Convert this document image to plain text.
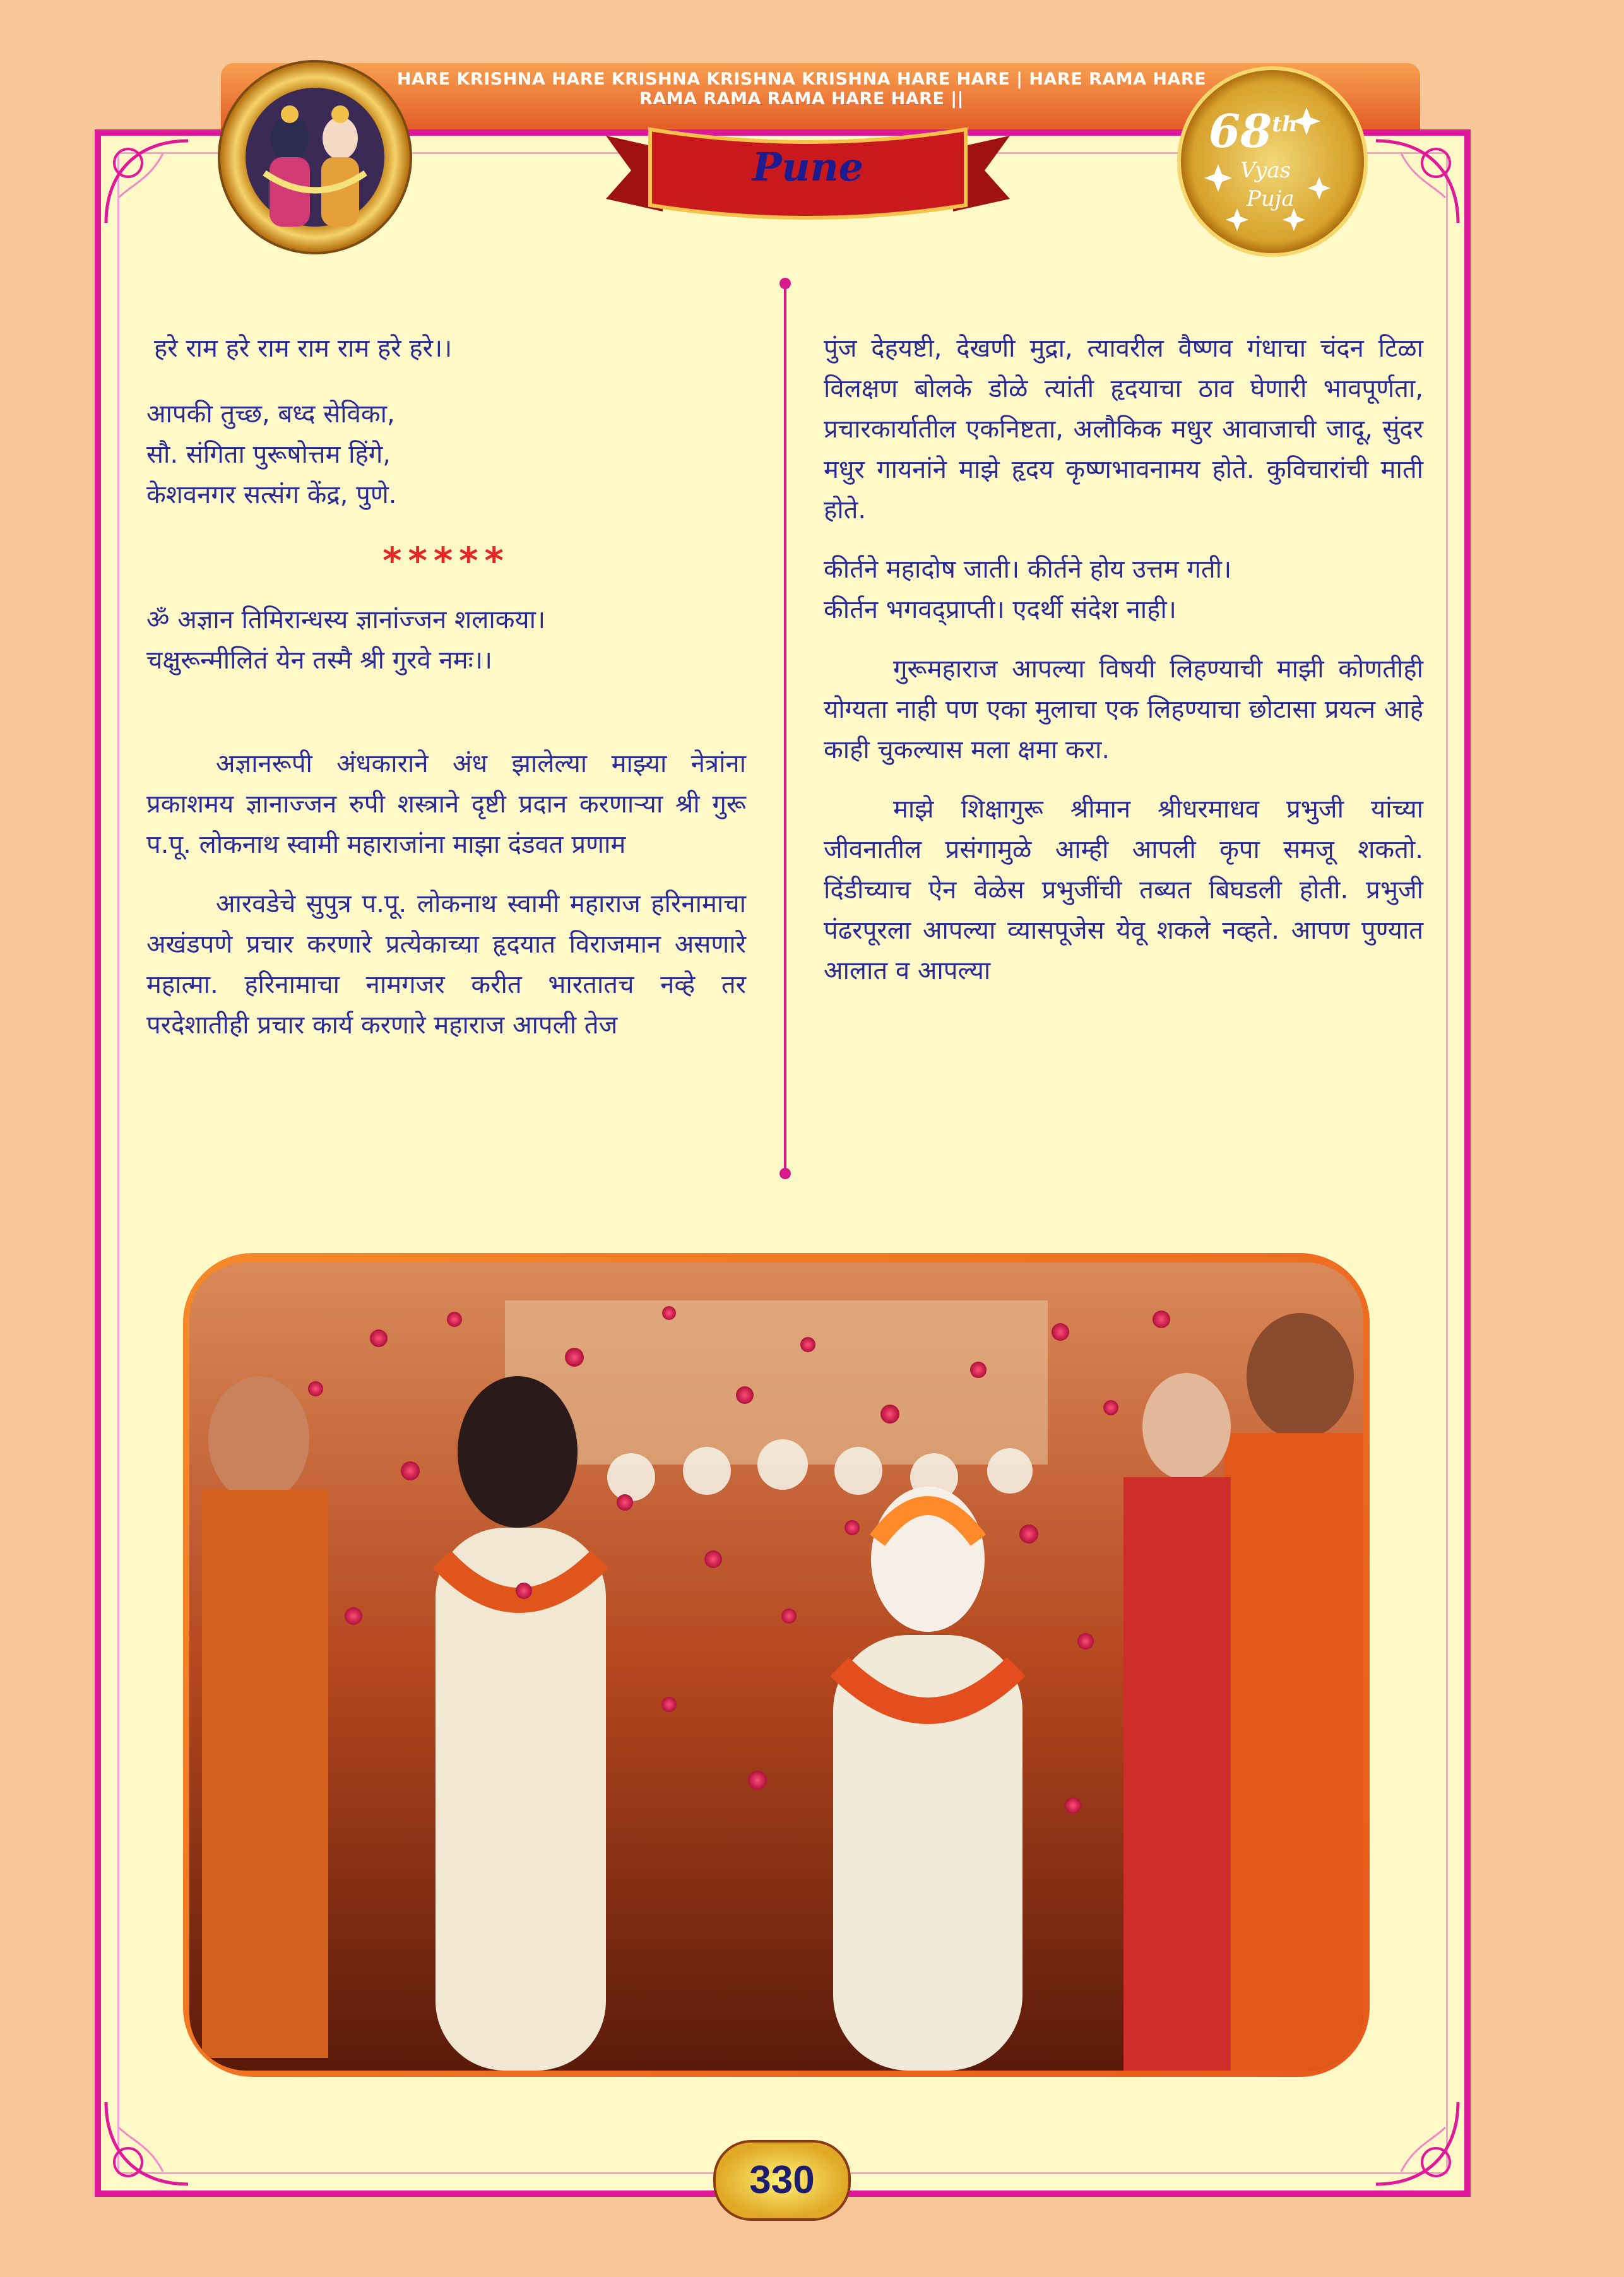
HARE KRISHNA HARE KRISHNA KRISHNA KRISHNA HARE HARE | HARE RAMA HARE RAMA RAMA RAMA HARE HARE ||
Pune
68th
Vyas
Puja

हरे राम हरे राम राम राम हरे हरे।।

आपकी तुच्छ, बध्द सेविका,

सौ. संगिता पुरूषोत्तम हिंगे,

केशवनगर सत्संग केंद्र, पुणे.

*****

ॐ अज्ञान तिमिरान्धस्य ज्ञानांज्जन शलाकया।

चक्षुरून्मीलितं येन तस्मै श्री गुरवे नमः।।

अज्ञानरूपी अंधकाराने अंध झालेल्या माझ्या नेत्रांना प्रकाशमय ज्ञानाज्जन रुपी शस्त्राने दृष्टी प्रदान करणाऱ्या श्री गुरू प.पू. लोकनाथ स्वामी महाराजांना माझा दंडवत प्रणाम

आरवडेचे सुपुत्र प.पू. लोकनाथ स्वामी महाराज हरिनामाचा अखंडपणे प्रचार करणारे प्रत्येकाच्या हृदयात विराजमान असणारे महात्मा. हरिनामाचा नामगजर करीत भारतातच नव्हे तर परदेशातीही प्रचार कार्य करणारे महाराज आपली तेज

पुंज देहयष्टी, देखणी मुद्रा, त्यावरील वैष्णव गंधाचा चंदन टिळा विलक्षण बोलके डोळे त्यांती हृदयाचा ठाव घेणारी भावपूर्णता, प्रचारकार्यातील एकनिष्टता, अलौकिक मधुर आवाजाची जादू, सुंदर मधुर गायनांने माझे हृदय कृष्णभावनामय होते. कुविचारांची माती होते.

कीर्तने महादोष जाती। कीर्तने होय उत्तम गती।

कीर्तन भगवद्प्राप्ती। एदर्थी संदेश नाही।

गुरूमहाराज आपल्या विषयी लिहण्याची माझी कोणतीही योग्यता नाही पण एका मुलाचा एक लिहण्याचा छोटासा प्रयत्न आहे काही चुकल्यास मला क्षमा करा.

माझे शिक्षागुरू श्रीमान श्रीधरमाधव प्रभुजी यांच्या जीवनातील प्रसंगामुळे आम्ही आपली कृपा समजू शकतो. दिंडीच्याच ऐन वेळेस प्रभुजींची तब्यत बिघडली होती. प्रभुजी पंढरपूरला आपल्या व्यासपूजेस येवू शकले नव्हते. आपण पुण्यात आलात व आपल्या

330
